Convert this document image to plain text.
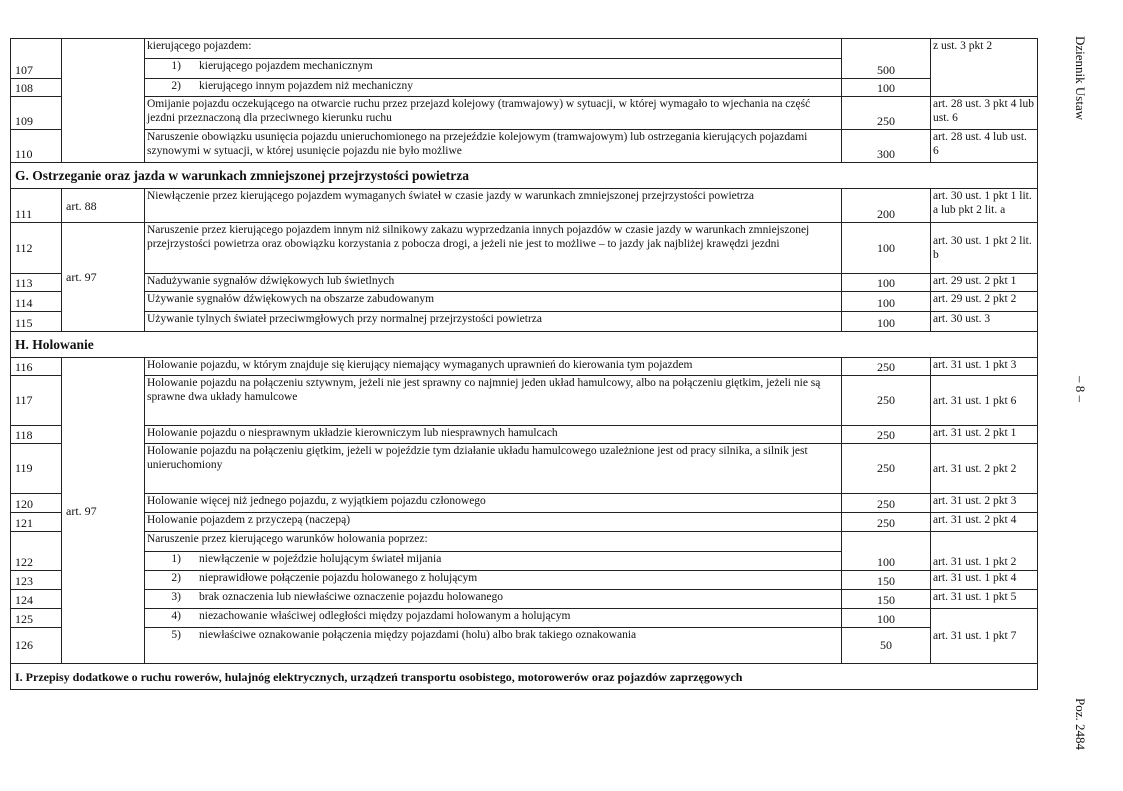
107		kierującego pojazdem:	500	z ust. 3 pkt 2

		1) kierującego pojazdem mechanicznym		

108		2) kierującego innym pojazdem niż mechaniczny	100	
109		Omijanie pojazdu oczekującego na otwarcie ruchu przez przejazd kolejowy (tramwajowy) w sytuacji, w której wymagało to wjechania na część jezdni przeznaczoną dla przeciwnego kierunku ruchu	250	art. 28 ust. 3 pkt 4 lub ust. 6
110		Naruszenie obowiązku usunięcia pojazdu unieruchomionego na przejeździe kolejowym (tramwajowym) lub ostrzegania kierujących pojazdami szynowymi w sytuacji, w której usunięcie pojazdu nie było możliwe	300	art. 28 ust. 4 lub ust. 6
G. Ostrzeganie oraz jazda w warunkach zmniejszonej przejrzystości powietrza				
111	art. 88	Niewłączenie przez kierującego pojazdem wymaganych świateł w czasie jazdy w warunkach zmniejszonej przejrzystości powietrza	200	art. 30 ust. 1 pkt 1 lit. a lub pkt 2 lit. a
112	art. 97	Naruszenie przez kierującego pojazdem innym niż silnikowy zakazu wyprzedzania innych pojazdów w czasie jazdy w warunkach zmniejszonej przejrzystości powietrza oraz obowiązku korzystania z pobocza drogi, a jeżeli nie jest to możliwe – to jazdy jak najbliżej krawędzi jezdni	100	art. 30 ust. 1 pkt 2 lit. b
113		Nadużywanie sygnałów dźwiękowych lub świetlnych	100	art. 29 ust. 2 pkt 1
114		Używanie sygnałów dźwiękowych na obszarze zabudowanym	100	art. 29 ust. 2 pkt 2
115		Używanie tylnych świateł przeciwmgłowych przy normalnej przejrzystości powietrza	100	art. 30 ust. 3
H. Holowanie				
116	art. 97	Holowanie pojazdu, w którym znajduje się kierujący niemający wymaganych uprawnień do kierowania tym pojazdem	250	art. 31 ust. 1 pkt 3
117		Holowanie pojazdu na połączeniu sztywnym, jeżeli nie jest sprawny co najmniej jeden układ hamulcowy, albo na połączeniu giętkim, jeżeli nie są sprawne dwa układy hamulcowe	250	art. 31 ust. 1 pkt 6
118		Holowanie pojazdu o niesprawnym układzie kierowniczym lub niesprawnych hamulcach	250	art. 31 ust. 2 pkt 1
119		Holowanie pojazdu na połączeniu giętkim, jeżeli w pojeździe tym działanie układu hamulcowego uzależnione jest od pracy silnika, a silnik jest unieruchomiony	250	art. 31 ust. 2 pkt 2
120		Holowanie więcej niż jednego pojazdu, z wyjątkiem pojazdu członowego	250	art. 31 ust. 2 pkt 3
121		Holowanie pojazdem z przyczepą (naczepą)	250	art. 31 ust. 2 pkt 4
122		Naruszenie przez kierującego warunków holowania poprzez:	100	art. 31 ust. 1 pkt 2

		1) niewłączenie w pojeździe holującym świateł mijania		

123		2) nieprawidłowe połączenie pojazdu holowanego z holującym	150	art. 31 ust. 1 pkt 4
124		3) brak oznaczenia lub niewłaściwe oznaczenie pojazdu holowanego	150	art. 31 ust. 1 pkt 5
125		4) niezachowanie właściwej odległości między pojazdami holowanym a holującym	100	art. 31 ust. 1 pkt 7
126		5) niewłaściwe oznakowanie połączenia między pojazdami (holu) albo brak takiego oznakowania	50	
I. Przepisy dodatkowe o ruchu rowerów, hulajnóg elektrycznych, urządzeń transportu osobistego, motorowerów oraz pojazdów zaprzęgowych				
Dziennik Ustaw
– 8 –
Poz. 2484
